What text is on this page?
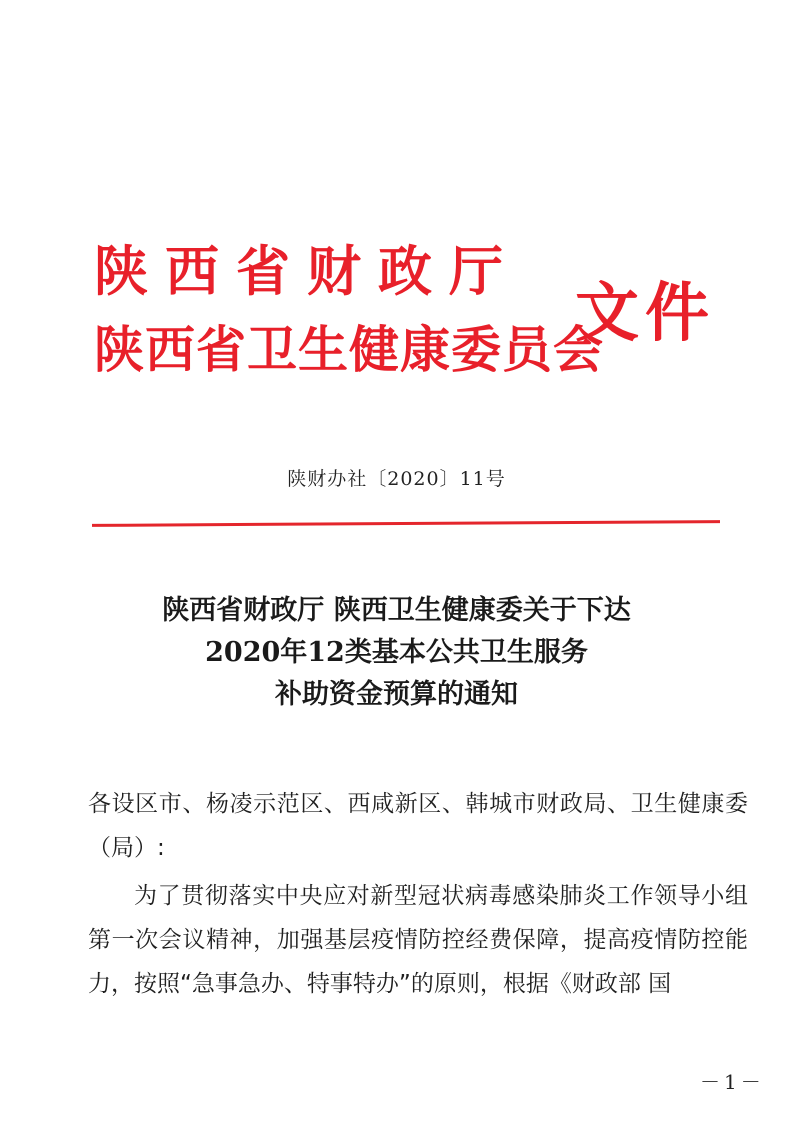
陕西省财政厅
陕西省卫生健康委员会
文件
陕财办社〔2020〕11号
陕西省财政厅 陕西卫生健康委关于下达
2020年12类基本公共卫生服务
补助资金预算的通知
各设区市、杨凌示范区、西咸新区、韩城市财政局、卫生健康委（局）:
为了贯彻落实中央应对新型冠状病毒感染肺炎工作领导小组第一次会议精神，加强基层疫情防控经费保障，提高疫情防控能力，按照“急事急办、特事特办”的原则，根据《财政部 国
－1－
